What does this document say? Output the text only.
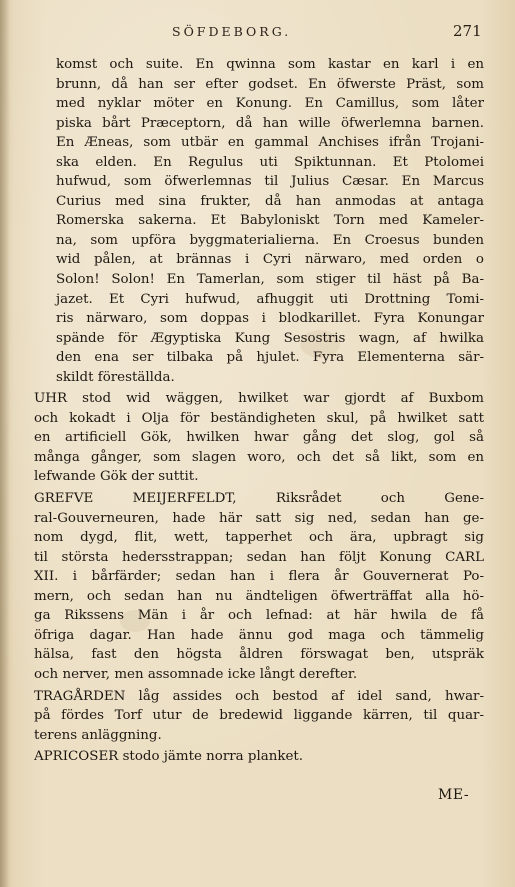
SÖFDEBORG.	271
komst och suite. En qwinna som kastar en karl i en
brunn, då han ser efter godset. En öfwerste Präst, som
med nyklar möter en Konung. En Camillus, som låter
piska bårt Præceptorn, då han wille öfwerlemna barnen.
En Æneas, som utbär en gammal Anchises ifrån Trojani-
ska elden. En Regulus uti Spiktunnan. Et Ptolomei
hufwud, som öfwerlemnas til Julius Cæsar. En Marcus
Curius med sina frukter, då han anmodas at antaga
Romerska sakerna. Et Babyloniskt Torn med Kameler-
na, som upföra byggmaterialierna. En Croesus bunden
wid pålen, at brännas i Cyri närwaro, med orden o
Solon! Solon! En Tamerlan, som stiger til häst på Ba-
jazet. Et Cyri hufwud, afhuggit uti Drottning Tomi-
ris närwaro, som doppas i blodkarillet. Fyra Konungar
spände för Ægyptiska Kung Sesostris wagn, af hwilka
den ena ser tilbaka på hjulet. Fyra Elementerna sär-
skildt föreställda.
UHR stod wid wäggen, hwilket war gjordt af Buxbom
och kokadt i Olja för beständigheten skul, på hwilket satt
en artificiell Gök, hwilken hwar gång det slog, gol så
många gånger, som slagen woro, och det så likt, som en
lefwande Gök der suttit.
GREFVE MEIJERFELDT, Riksrådet och Gene-
ral-Gouverneuren, hade här satt sig ned, sedan han ge-
nom dygd, flit, wett, tapperhet och ära, upbragt sig
til största hedersstrappan; sedan han följt Konung CARL
XII. i bårfärder; sedan han i flera år Gouvernerat Po-
mern, och sedan han nu ändteligen öfwerträffat alla hö-
ga Rikssens Män i år och lefnad: at här hwila de få
öfriga dagar. Han hade ännu god maga och tämmelig
hälsa, fast den högsta åldren förswagat ben, utspräk
och nerver, men assomnade icke långt derefter.
TRAGÅRDEN låg assides och bestod af idel sand, hwar-
på fördes Torf utur de bredewid liggande kärren, til quar-
terens anläggning.
APRICOSER stodo jämte norra planket.
ME-
